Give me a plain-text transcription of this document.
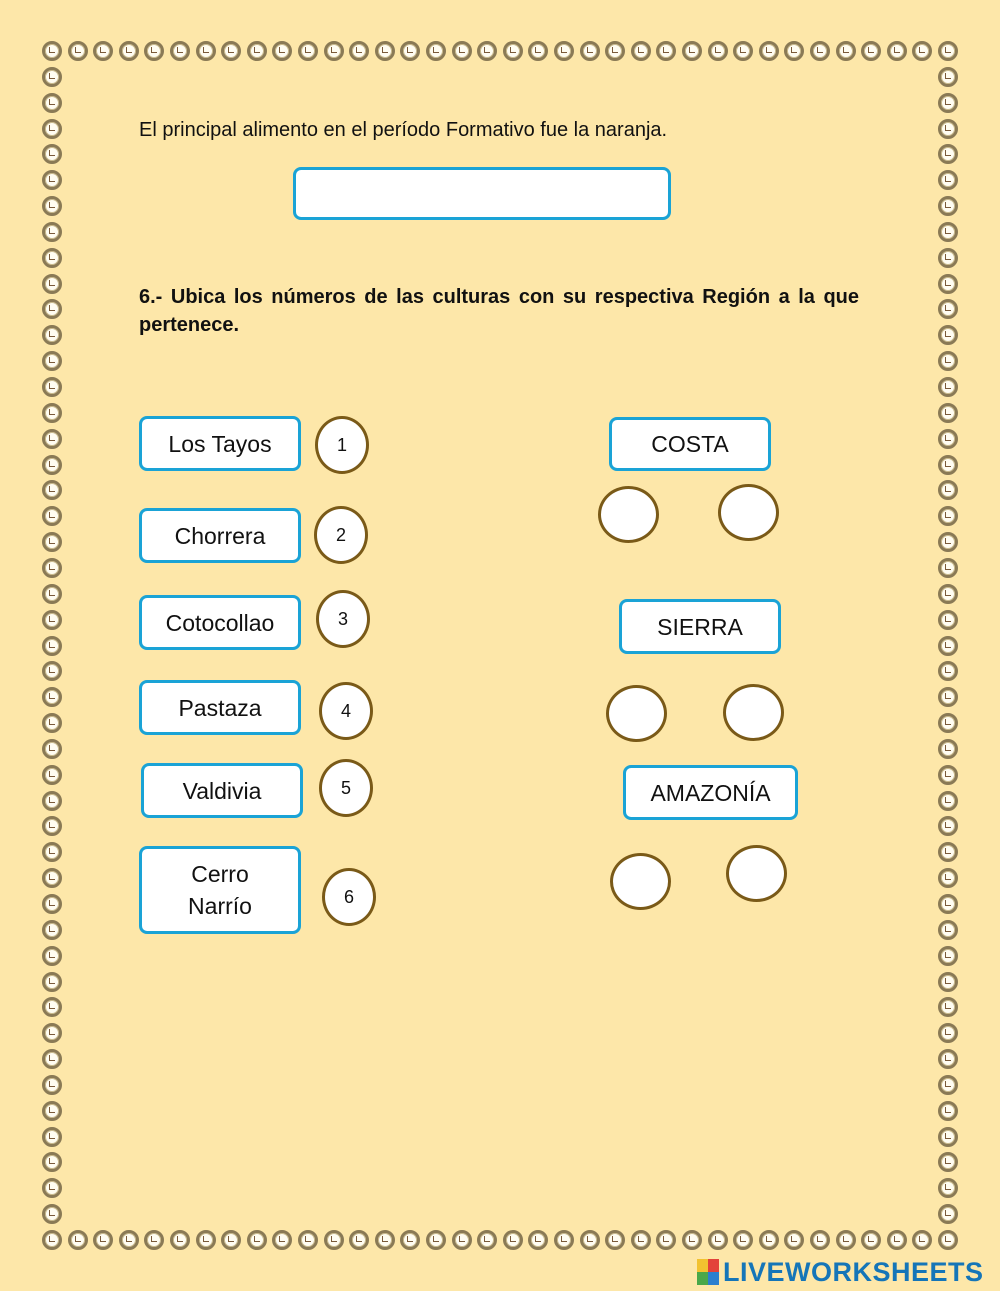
El principal alimento en el período Formativo fue la naranja.
6.- Ubica los números de las culturas con su respectiva Región a la que pertenece.
Los Tayos
Chorrera
Cotocollao
Pastaza
Valdivia
Cerro Narrío
1
2
3
4
5
6
COSTA
SIERRA
AMAZONÍA
LIVEWORKSHEETS
